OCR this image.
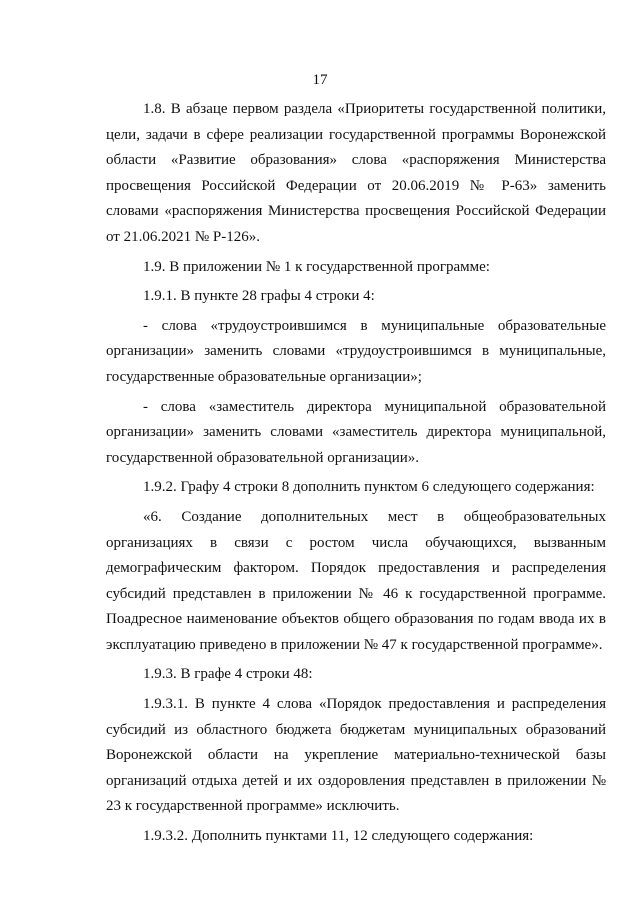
17

1.8. В абзаце первом раздела «Приоритеты государственной политики, цели, задачи в сфере реализации государственной программы Воронежской области «Развитие образования» слова «распоряжения Министерства просвещения Российской Федерации от 20.06.2019 № Р-63» заменить словами «распоряжения Министерства просвещения Российской Федерации от 21.06.2021 № Р-126».

1.9. В приложении № 1 к государственной программе:

1.9.1. В пункте 28 графы 4 строки 4:

- слова «трудоустроившимся в муниципальные образовательные организации» заменить словами «трудоустроившимся в муниципальные, государственные образовательные организации»;

- слова «заместитель директора муниципальной образовательной организации» заменить словами «заместитель директора муниципальной, государственной образовательной организации».

1.9.2. Графу 4 строки 8 дополнить пунктом 6 следующего содержания:

«6. Создание дополнительных мест в общеобразовательных организациях в связи с ростом числа обучающихся, вызванным демографическим фактором. Порядок предоставления и распределения субсидий представлен в приложении № 46 к государственной программе. Поадресное наименование объектов общего образования по годам ввода их в эксплуатацию приведено в приложении № 47 к государственной программе».

1.9.3. В графе 4 строки 48:

1.9.3.1. В пункте 4 слова «Порядок предоставления и распределения субсидий из областного бюджета бюджетам муниципальных образований Воронежской области на укрепление материально-технической базы организаций отдыха детей и их оздоровления представлен в приложении № 23 к государственной программе» исключить.

1.9.3.2. Дополнить пунктами 11, 12 следующего содержания:
